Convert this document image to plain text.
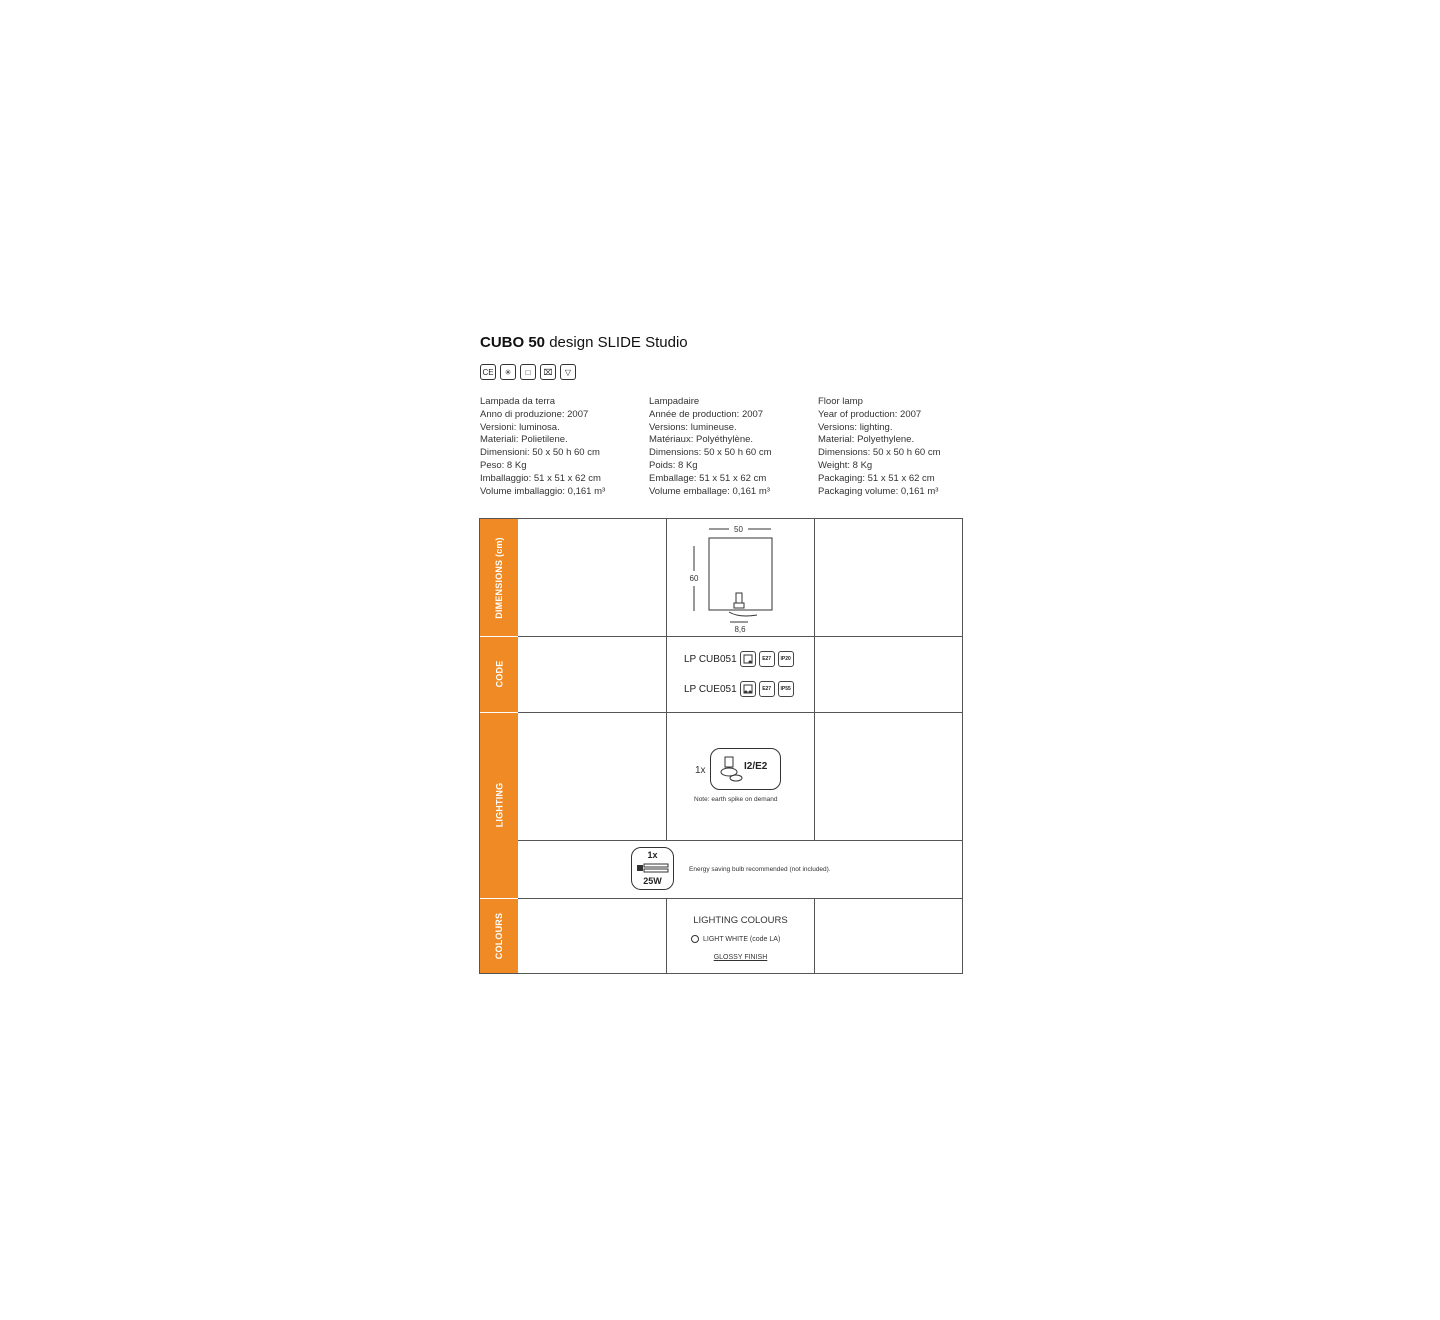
CUBO 50 design SLIDE Studio
CE	✳	□	⌧	▽
Lampada da terra
Anno di produzione: 2007
Versioni: luminosa.
Materiali: Polietilene.
Dimensioni: 50 x 50 h 60 cm
Peso: 8 Kg
Imballaggio: 51 x 51 x 62 cm
Volume imballaggio: 0,161 m³
Lampadaire
Année de production: 2007
Versions: lumineuse.
Matériaux: Polyéthylène.
Dimensions: 50 x 50 h 60 cm
Poids: 8 Kg
Emballage: 51 x 51 x 62 cm
Volume emballage: 0,161 m³
Floor lamp
Year of production: 2007
Versions: lighting.
Material: Polyethylene.
Dimensions: 50 x 50 h 60 cm
Weight: 8 Kg
Packaging: 51 x 51 x 62 cm
Packaging volume: 0,161 m³
DIMENSIONS (cm)
CODE
LIGHTING
COLOURS
50
60
8,6
LP CUB051	E27	IP20
LP CUE051	E27	IP55
1x	I2/E2
Note: earth spike on demand
1x
25W
Energy saving bulb recommended (not included).
LIGHTING COLOURS
LIGHT WHITE (code LA)
GLOSSY FINISH
